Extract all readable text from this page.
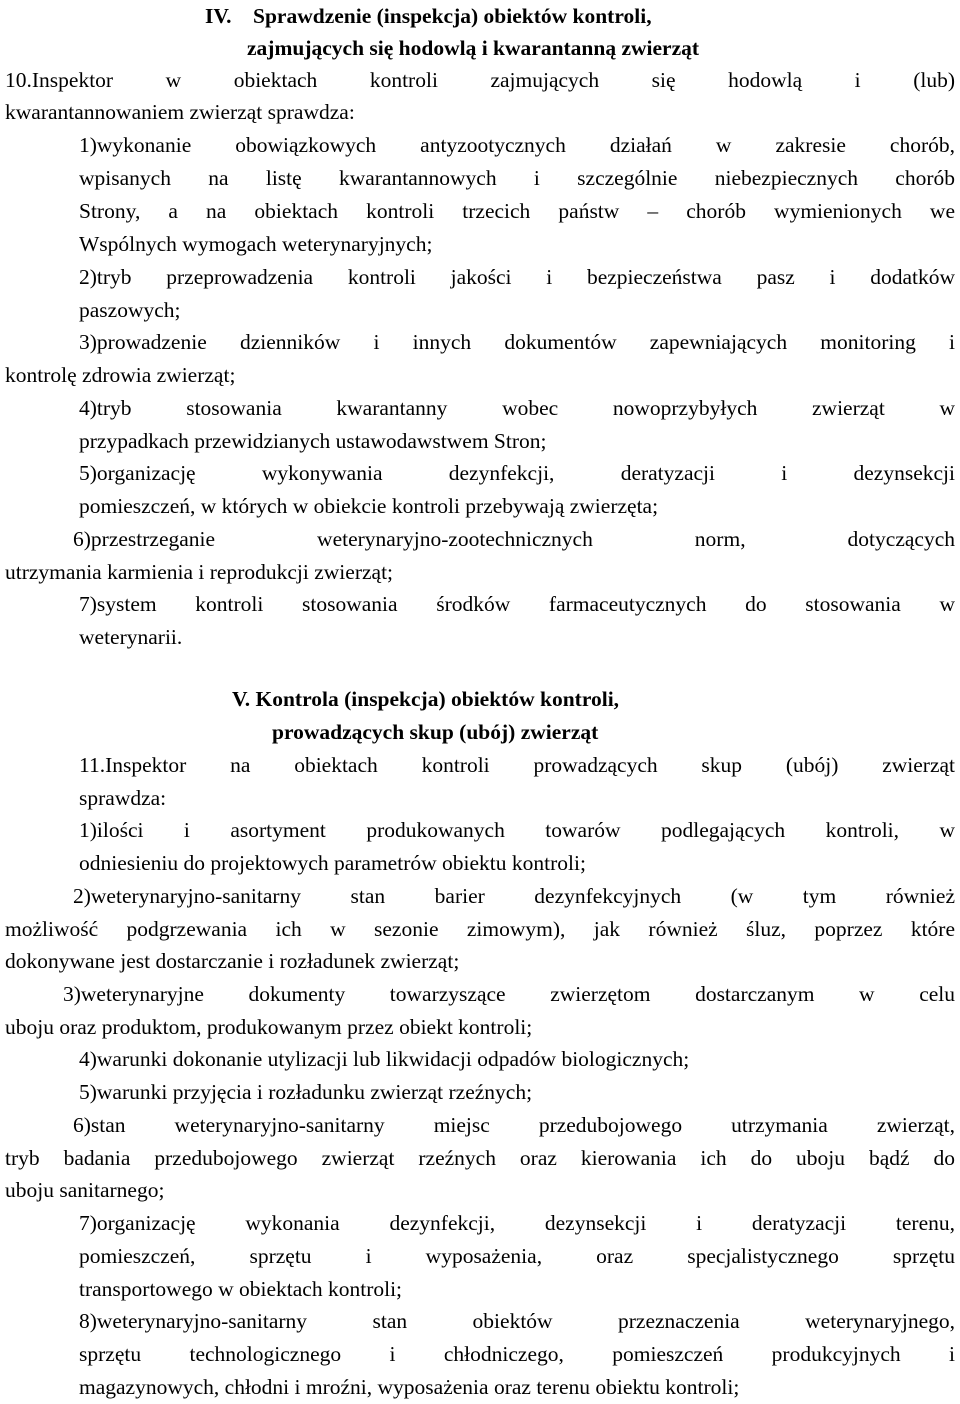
IV.    Sprawdzenie (inspekcja) obiektów kontroli,
zajmujących się hodowlą i kwarantanną zwierząt
10.Inspektor w obiektach kontroli zajmujących się hodowlą i (lub)
kwarantannowaniem zwierząt sprawdza:
1)wykonanie obowiązkowych antyzootycznych działań w zakresie chorób,
wpisanych na listę kwarantannowych i szczególnie niebezpiecznych chorób
Strony, a na obiektach kontroli trzecich państw – chorób wymienionych we
Wspólnych wymogach weterynaryjnych;
2)tryb przeprowadzenia kontroli jakości i bezpieczeństwa pasz i dodatków
paszowych;
3)prowadzenie dzienników i innych dokumentów zapewniających monitoring i
kontrolę zdrowia zwierząt;
4)tryb stosowania kwarantanny wobec nowoprzybyłych zwierząt w
przypadkach przewidzianych ustawodawstwem Stron;
5)organizację wykonywania dezynfekcji, deratyzacji i dezynsekcji
pomieszczeń, w których w obiekcie kontroli przebywają zwierzęta;
6)przestrzeganie weterynaryjno-zootechnicznych norm, dotyczących
utrzymania karmienia i reprodukcji zwierząt;
7)system kontroli stosowania środków farmaceutycznych do stosowania w
weterynarii.
V. Kontrola (inspekcja) obiektów kontroli,
prowadzących skup (ubój) zwierząt
11.Inspektor na obiektach kontroli prowadzących skup (ubój) zwierząt
sprawdza:
1)ilości i asortyment produkowanych towarów podlegających kontroli, w
odniesieniu do projektowych parametrów obiektu kontroli;
2)weterynaryjno-sanitarny stan barier dezynfekcyjnych (w tym również
możliwość podgrzewania ich w sezonie zimowym), jak również śluz, poprzez które
dokonywane jest dostarczanie i rozładunek zwierząt;
3)weterynaryjne dokumenty towarzyszące zwierzętom dostarczanym w celu
uboju oraz produktom, produkowanym przez obiekt kontroli;
4)warunki dokonanie utylizacji lub likwidacji odpadów biologicznych;
5)warunki przyjęcia i rozładunku zwierząt rzeźnych;
6)stan weterynaryjno-sanitarny miejsc przedubojowego utrzymania zwierząt,
tryb badania przedubojowego zwierząt rzeźnych oraz kierowania ich do uboju bądź do
uboju sanitarnego;
7)organizację wykonania dezynfekcji, dezynsekcji i deratyzacji terenu,
pomieszczeń, sprzętu i wyposażenia, oraz specjalistycznego sprzętu
transportowego w obiektach kontroli;
8)weterynaryjno-sanitarny stan obiektów przeznaczenia weterynaryjnego,
sprzętu technologicznego i chłodniczego, pomieszczeń produkcyjnych i
magazynowych, chłodni i mroźni, wyposażenia oraz terenu obiektu kontroli;
